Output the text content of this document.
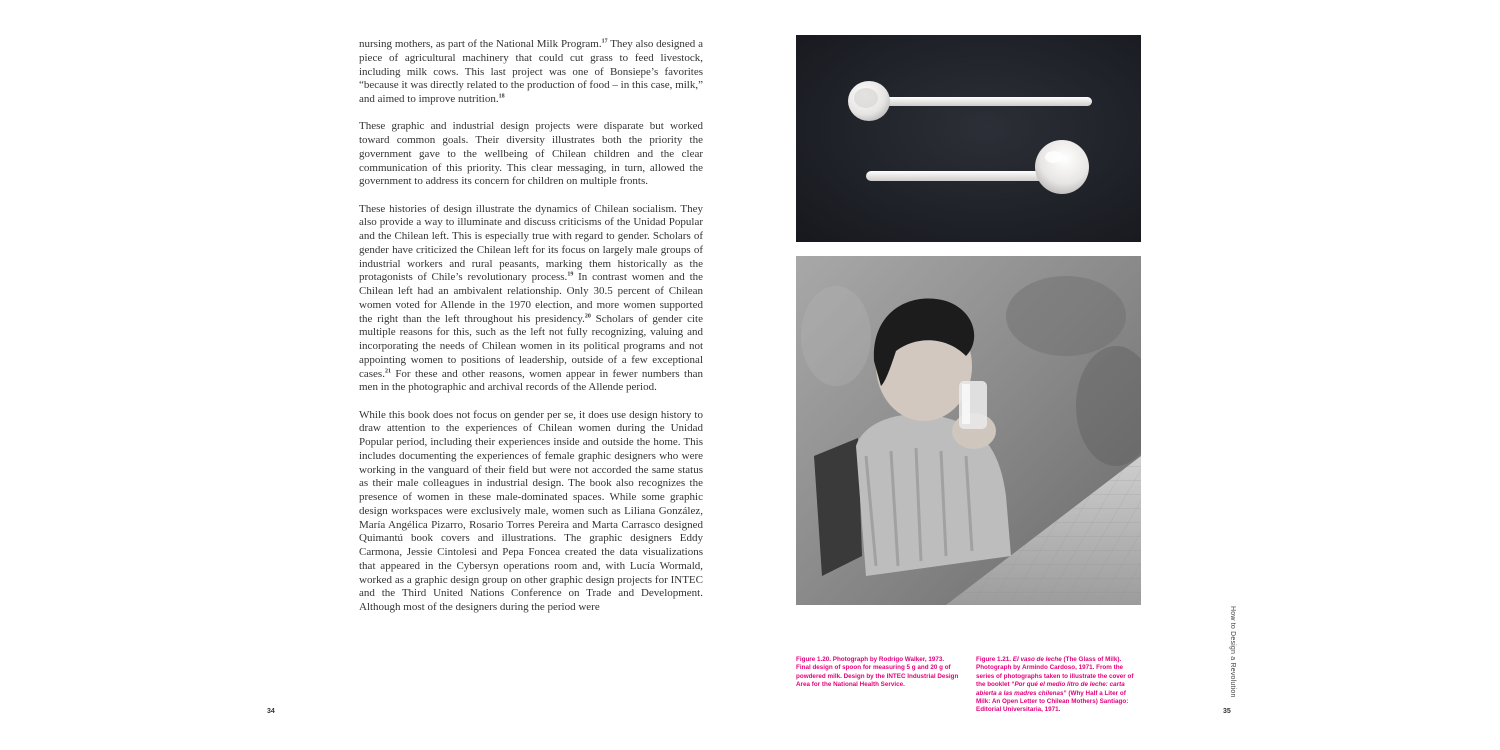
nursing mothers, as part of the National Milk Program.$^{17}$ They also designed a piece of agricultural machinery that could cut grass to feed livestock, including milk cows. This last project was one of Bonsiepe’s favorites “because it was directly related to the production of food – in this case, milk,” and aimed to improve nutrition.$^{18}$

These graphic and industrial design projects were disparate but worked toward common goals. Their diversity illustrates both the priority the government gave to the wellbeing of Chilean children and the clear communication of this priority. This clear messaging, in turn, allowed the government to address its concern for children on multiple fronts.

These histories of design illustrate the dynamics of Chilean socialism. They also provide a way to illuminate and discuss criticisms of the Unidad Popular and the Chilean left. This is especially true with regard to gender. Scholars of gender have criticized the Chilean left for its focus on largely male groups of industrial workers and rural peasants, marking them historically as the protagonists of Chile’s revolutionary process.$^{19}$ In contrast women and the Chilean left had an ambivalent relationship. Only 30.5 percent of Chilean women voted for Allende in the 1970 election, and more women supported the right than the left throughout his presidency.$^{20}$ Scholars of gender cite multiple reasons for this, such as the left not fully recognizing, valuing and incorporating the needs of Chilean women in its political programs and not appointing women to positions of leadership, outside of a few exceptional cases.$^{21}$ For these and other reasons, women appear in fewer numbers than men in the photographic and archival records of the Allende period.

While this book does not focus on gender per se, it does use design history to draw attention to the experiences of Chilean women during the Unidad Popular period, including their experiences inside and outside the home. This includes documenting the experiences of female graphic designers who were working in the vanguard of their field but were not accorded the same status as their male colleagues in industrial design. The book also recognizes the presence of women in these male-dominated spaces. While some graphic design workspaces were exclusively male, women such as Liliana González, María Angélica Pizarro, Rosario Torres Pereira and Marta Carrasco designed Quimantú book covers and illustrations. The graphic designers Eddy Carmona, Jessie Cintolesi and Pepa Foncea created the data visualizations that appeared in the Cybersyn operations room and, with Lucía Wormald, worked as a graphic design group on other graphic design projects for INTEC and the Third United Nations Conference on Trade and Development. Although most of the designers during the period were

34
Figure 1.20. Photograph by Rodrigo Walker, 1973. Final design of spoon for measuring 5 g and 20 g of powdered milk. Design by the INTEC Industrial Design Area for the National Health Service.
Figure 1.21. El vaso de leche (The Glass of Milk). Photograph by Armindo Cardoso, 1971. From the series of photographs taken to illustrate the cover of the booklet “Por qué el medio litro de leche: carta abierta a las madres chilenas” (Why Half a Liter of Milk: An Open Letter to Chilean Mothers) Santiago: Editorial Universitaria, 1971.
How to Design a Revolution
35
